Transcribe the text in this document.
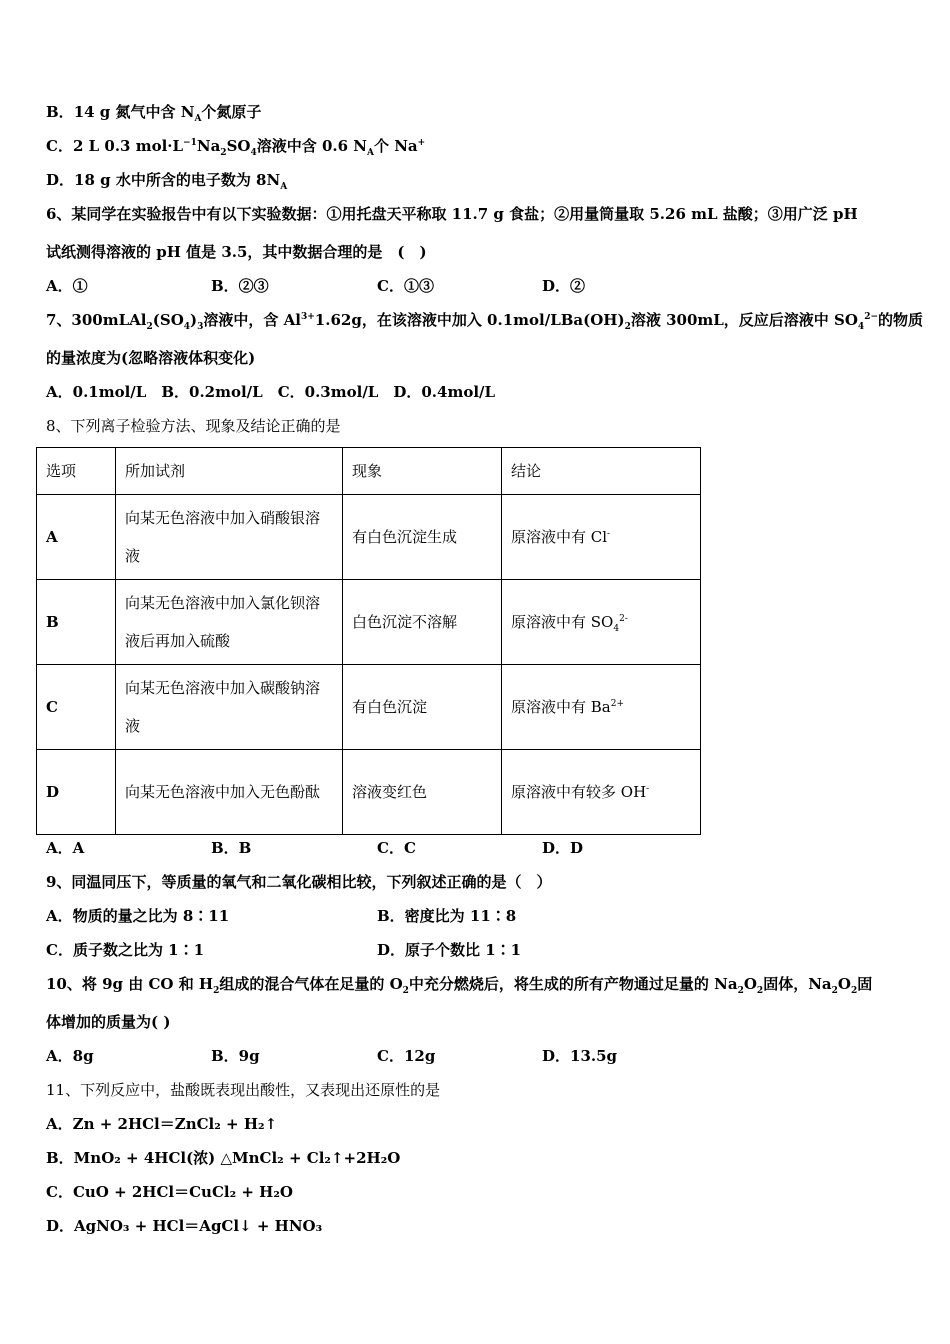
B．14 g 氮气中含 $N_A$个氮原子
C．2 L 0.3 $mol\cdot L^{-1}Na_2SO_4$溶液中含 0.6 $N_A$个 Na+
D．18 g 水中所含的电子数为 $8N_A$
6、某同学在实验报告中有以下实验数据：①用托盘天平称取 11.7 g 食盐；②用量筒量取 5.26 mL 盐酸；③用广泛 pH
试纸测得溶液的 pH 值是 3.5，其中数据合理的是　(　)
A．①	B．②③	C．①③	D．②
7、$300mLAl_2(SO_4)_3$溶液中，含 $Al^{3+}1.62g$，在该溶液中加入 $0.1mol/LBa(OH)_2$溶液 300mL，反应后溶液中 $SO_4^{2-}$的物质
的量浓度为(忽略溶液体积变化)
A．0.1mol/L　B．0.2mol/L　C．0.3mol/L　D．0.4mol/L
8、下列离子检验方法、现象及结论正确的是
选项	所加试剂	现象	结论
A	向某无色溶液中加入硝酸银溶液	有白色沉淀生成	原溶液中有 Cl-
B	向某无色溶液中加入氯化钡溶液后再加入硫酸	白色沉淀不溶解	原溶液中有 $SO_4^{2-}$
C	向某无色溶液中加入碳酸钠溶液	有白色沉淀	原溶液中有 $Ba^{2+}$
D	向某无色溶液中加入无色酚酞	溶液变红色	原溶液中有较多 OH-
A．A	B．B	C．C	D．D
9、同温同压下，等质量的氧气和二氧化碳相比较，下列叙述正确的是（　）
A．物质的量之比为 8∶11	B．密度比为 11∶8
C．质子数之比为 1∶1	D．原子个数比 1∶1
10、将 9g 由 CO 和 $H_2$组成的混合气体在足量的 $O_2$中充分燃烧后，将生成的所有产物通过足量的 $Na_2O_2$固体，$Na_2O_2$固
体增加的质量为( )
A．8g	B．9g	C．12g	D．13.5g
11、下列反应中，盐酸既表现出酸性，又表现出还原性的是
A．Zn + 2HCl＝ZnCl₂ + H₂↑
B．MnO₂ + 4HCl(浓) △MnCl₂ + Cl₂↑+2H₂O
C．CuO + 2HCl＝CuCl₂ + H₂O
D．AgNO₃ + HCl＝AgCl↓ + HNO₃
